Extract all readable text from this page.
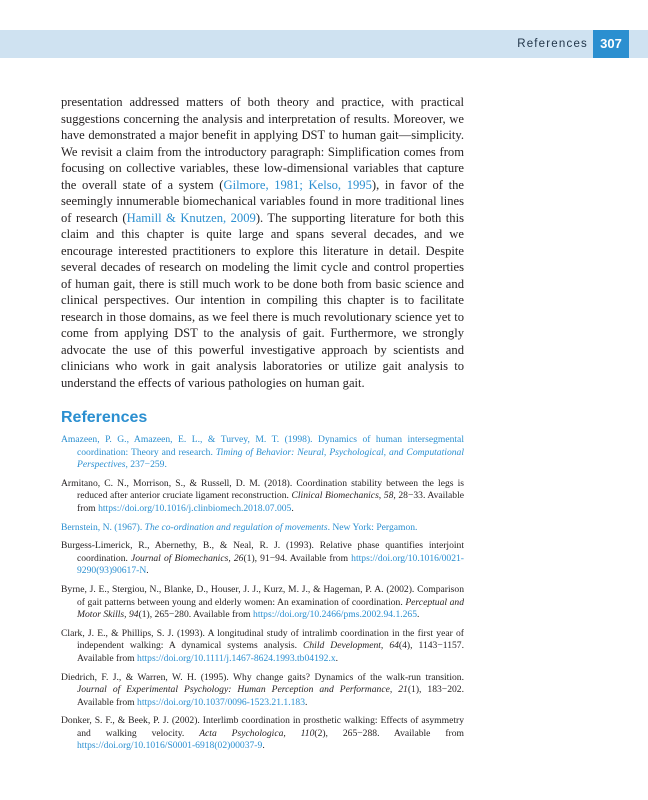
References 307

presentation addressed matters of both theory and practice, with practical suggestions concerning the analysis and interpretation of results. Moreover, we have demonstrated a major benefit in applying DST to human gait—simplicity. We revisit a claim from the introductory paragraph: Simplification comes from focusing on collective variables, these low-dimensional variables that capture the overall state of a system (Gilmore, 1981; Kelso, 1995), in favor of the seemingly innumerable biomechanical variables found in more traditional lines of research (Hamill & Knutzen, 2009). The supporting literature for both this claim and this chapter is quite large and spans several decades, and we encourage interested practitioners to explore this literature in detail. Despite several decades of research on modeling the limit cycle and control properties of human gait, there is still much work to be done both from basic science and clinical perspectives. Our intention in compiling this chapter is to facilitate research in those domains, as we feel there is much revolutionary science yet to come from applying DST to the analysis of gait. Furthermore, we strongly advocate the use of this powerful investigative approach by scientists and clinicians who work in gait analysis laboratories or utilize gait analysis to understand the effects of various pathologies on human gait.

References

Amazeen, P. G., Amazeen, E. L., & Turvey, M. T. (1998). Dynamics of human intersegmental coordination: Theory and research. Timing of Behavior: Neural, Psychological, and Computational Perspectives, 237−259.

Armitano, C. N., Morrison, S., & Russell, D. M. (2018). Coordination stability between the legs is reduced after anterior cruciate ligament reconstruction. Clinical Biomechanics, 58, 28−33. Available from https://doi.org/10.1016/j.clinbiomech.2018.07.005.

Bernstein, N. (1967). The co-ordination and regulation of movements. New York: Pergamon.

Burgess-Limerick, R., Abernethy, B., & Neal, R. J. (1993). Relative phase quantifies interjoint coordination. Journal of Biomechanics, 26(1), 91−94. Available from https://doi.org/10.1016/0021-9290(93)90617-N.

Byrne, J. E., Stergiou, N., Blanke, D., Houser, J. J., Kurz, M. J., & Hageman, P. A. (2002). Comparison of gait patterns between young and elderly women: An examination of coordination. Perceptual and Motor Skills, 94(1), 265−280. Available from https://doi.org/10.2466/pms.2002.94.1.265.

Clark, J. E., & Phillips, S. J. (1993). A longitudinal study of intralimb coordination in the first year of independent walking: A dynamical systems analysis. Child Development, 64(4), 1143−1157. Available from https://doi.org/10.1111/j.1467-8624.1993.tb04192.x.

Diedrich, F. J., & Warren, W. H. (1995). Why change gaits? Dynamics of the walk-run transition. Journal of Experimental Psychology: Human Perception and Performance, 21(1), 183−202. Available from https://doi.org/10.1037/0096-1523.21.1.183.

Donker, S. F., & Beek, P. J. (2002). Interlimb coordination in prosthetic walking: Effects of asymmetry and walking velocity. Acta Psychologica, 110(2), 265−288. Available from https://doi.org/10.1016/S0001-6918(02)00037-9.
